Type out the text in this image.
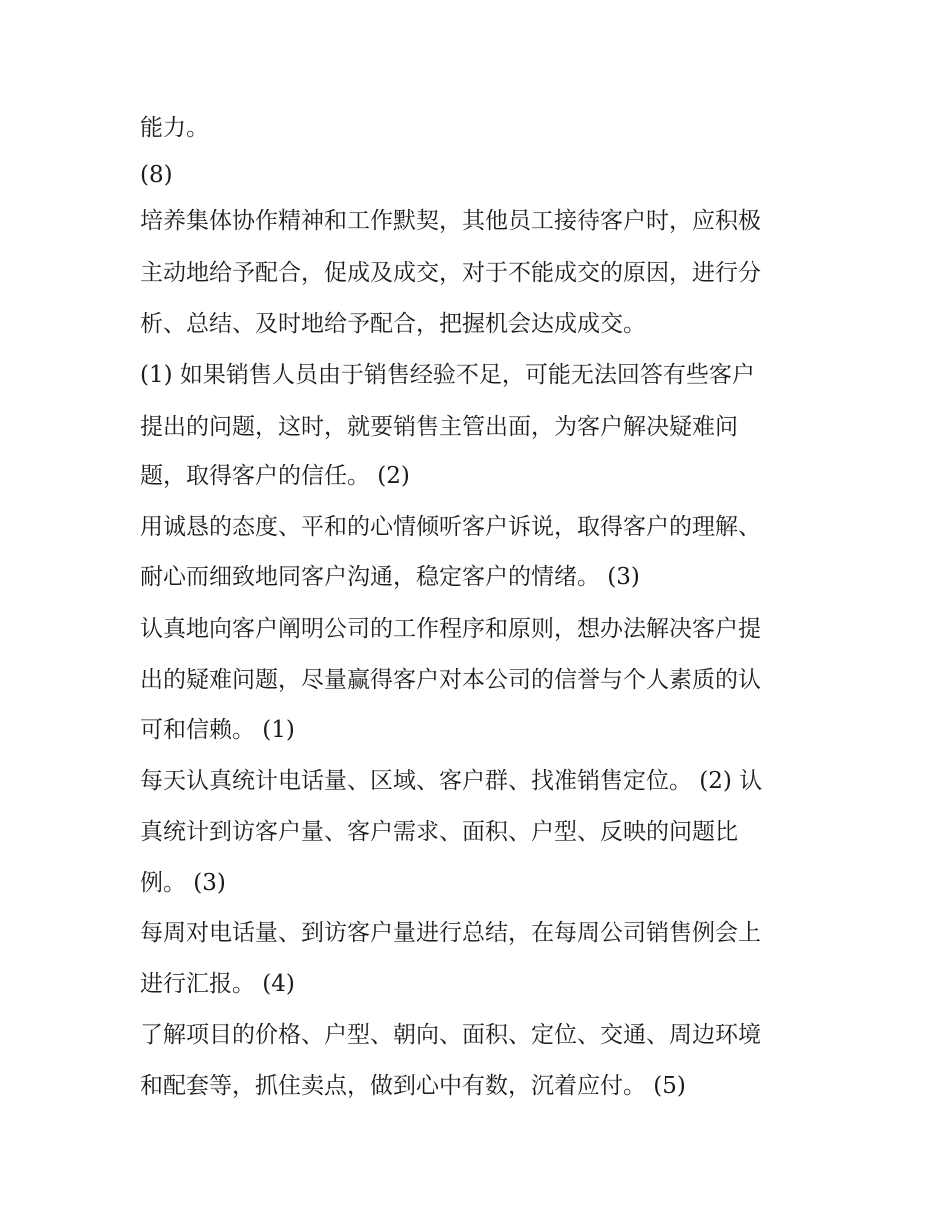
能力。
(8)
培养集体协作精神和工作默契，其他员工接待客户时，应积极
主动地给予配合，促成及成交，对于不能成交的原因，进行分
析、总结、及时地给予配合，把握机会达成成交。
(1) 如果销售人员由于销售经验不足，可能无法回答有些客户
提出的问题，这时，就要销售主管出面，为客户解决疑难问
题，取得客户的信任。 (2)
用诚恳的态度、平和的心情倾听客户诉说，取得客户的理解、
耐心而细致地同客户沟通，稳定客户的情绪。 (3)
认真地向客户阐明公司的工作程序和原则，想办法解决客户提
出的疑难问题，尽量赢得客户对本公司的信誉与个人素质的认
可和信赖。 (1)
每天认真统计电话量、区域、客户群、找准销售定位。 (2) 认
真统计到访客户量、客户需求、面积、户型、反映的问题比
例。 (3)
每周对电话量、到访客户量进行总结，在每周公司销售例会上
进行汇报。 (4)
了解项目的价格、户型、朝向、面积、定位、交通、周边环境
和配套等，抓住卖点，做到心中有数，沉着应付。 (5)
